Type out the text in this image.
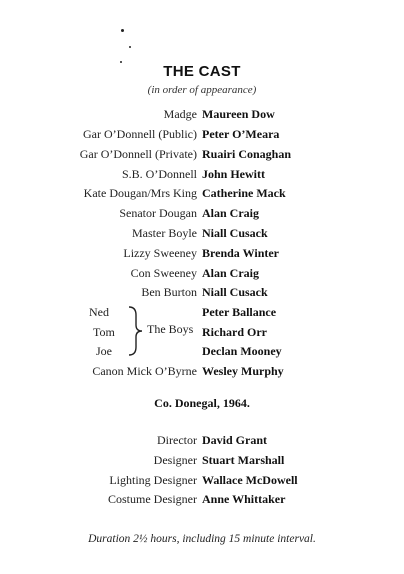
THE CAST
(in order of appearance)
Madge Maureen Dow
Gar O’Donnell (Public) Peter O’Meara
Gar O’Donnell (Private) Ruairi Conaghan
S.B. O’Donnell John Hewitt
Kate Dougan/Mrs King Catherine Mack
Senator Dougan Alan Craig
Master Boyle Niall Cusack
Lizzy Sweeney Brenda Winter
Con Sweeney Alan Craig
Ben Burton Niall Cusack
Ned
Tom
Joe
The Boys
Peter Ballance
Richard Orr
Declan Mooney
Canon Mick O’Byrne Wesley Murphy
Co. Donegal, 1964.
Director David Grant
Designer Stuart Marshall
Lighting Designer Wallace McDowell
Costume Designer Anne Whittaker
Duration 2½ hours, including 15 minute interval.
